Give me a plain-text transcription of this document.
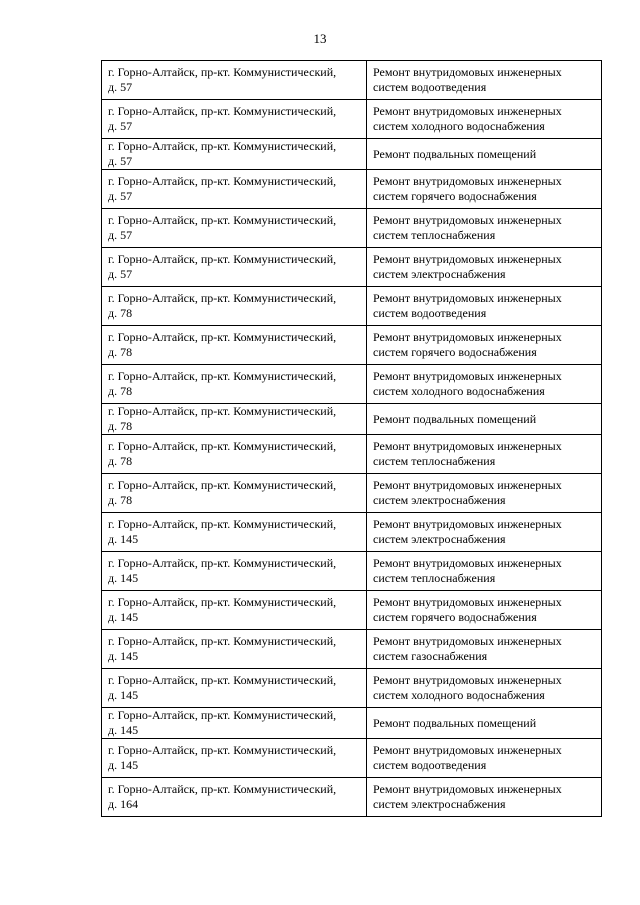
13
г. Горно-Алтайск, пр-кт. Коммунистический,
д. 57	Ремонт внутридомовых инженерных систем водоотведения

г. Горно-Алтайск, пр-кт. Коммунистический,
д. 57	Ремонт внутридомовых инженерных систем холодного водоснабжения

г. Горно-Алтайск, пр-кт. Коммунистический,
д. 57	Ремонт подвальных помещений

г. Горно-Алтайск, пр-кт. Коммунистический,
д. 57	Ремонт внутридомовых инженерных систем горячего водоснабжения

г. Горно-Алтайск, пр-кт. Коммунистический,
д. 57	Ремонт внутридомовых инженерных систем теплоснабжения

г. Горно-Алтайск, пр-кт. Коммунистический,
д. 57	Ремонт внутридомовых инженерных систем электроснабжения

г. Горно-Алтайск, пр-кт. Коммунистический,
д. 78	Ремонт внутридомовых инженерных систем водоотведения

г. Горно-Алтайск, пр-кт. Коммунистический,
д. 78	Ремонт внутридомовых инженерных систем горячего водоснабжения

г. Горно-Алтайск, пр-кт. Коммунистический,
д. 78	Ремонт внутридомовых инженерных систем холодного водоснабжения

г. Горно-Алтайск, пр-кт. Коммунистический,
д. 78	Ремонт подвальных помещений

г. Горно-Алтайск, пр-кт. Коммунистический,
д. 78	Ремонт внутридомовых инженерных систем теплоснабжения

г. Горно-Алтайск, пр-кт. Коммунистический,
д. 78	Ремонт внутридомовых инженерных систем электроснабжения

г. Горно-Алтайск, пр-кт. Коммунистический,
д. 145	Ремонт внутридомовых инженерных систем электроснабжения

г. Горно-Алтайск, пр-кт. Коммунистический,
д. 145	Ремонт внутридомовых инженерных систем теплоснабжения

г. Горно-Алтайск, пр-кт. Коммунистический,
д. 145	Ремонт внутридомовых инженерных систем горячего водоснабжения

г. Горно-Алтайск, пр-кт. Коммунистический,
д. 145	Ремонт внутридомовых инженерных систем газоснабжения

г. Горно-Алтайск, пр-кт. Коммунистический,
д. 145	Ремонт внутридомовых инженерных систем холодного водоснабжения

г. Горно-Алтайск, пр-кт. Коммунистический,
д. 145	Ремонт подвальных помещений

г. Горно-Алтайск, пр-кт. Коммунистический,
д. 145	Ремонт внутридомовых инженерных систем водоотведения

г. Горно-Алтайск, пр-кт. Коммунистический,
д. 164	Ремонт внутридомовых инженерных систем электроснабжения
